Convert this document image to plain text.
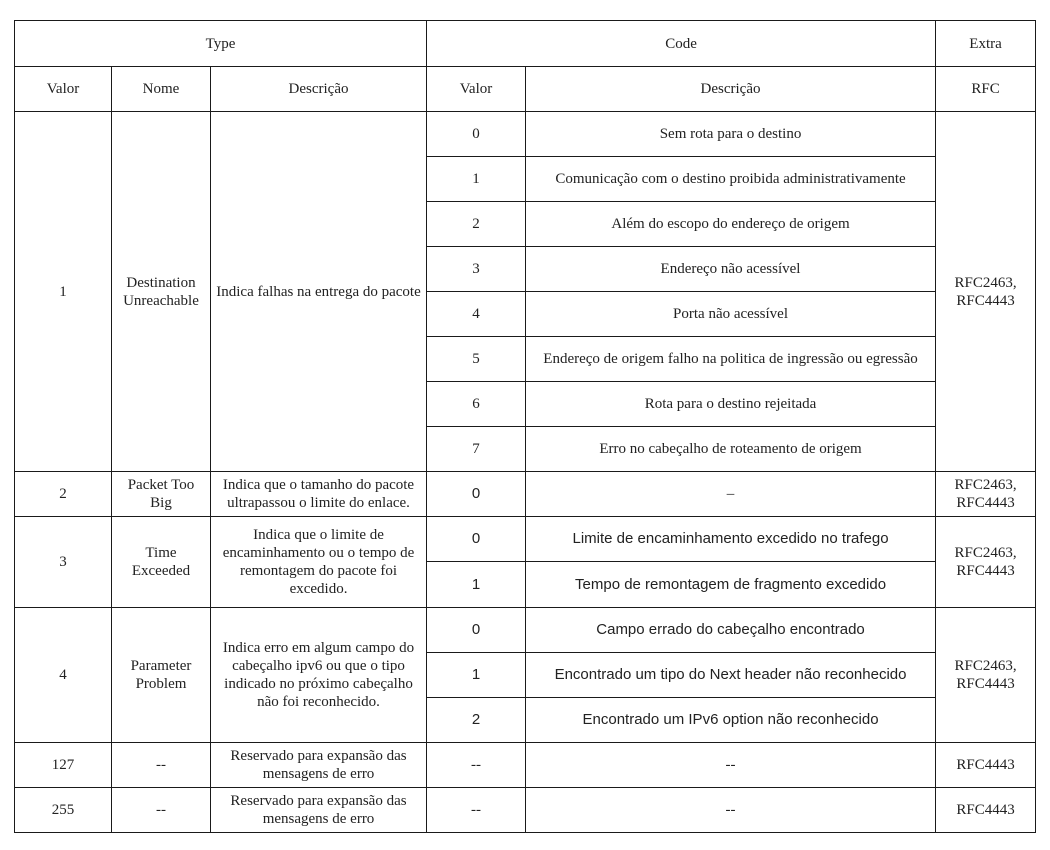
Type			Code		Extra
Valor	Nome	Descrição	Valor	Descrição	RFC
1	Destination Unreachable	Indica falhas na entrega do pacote	0	Sem rota para o destino	RFC2463, RFC4443
			1	Comunicação com o destino proibida administrativamente	
			2	Além do escopo do endereço de origem	
			3	Endereço não acessível	
			4	Porta não acessível	
			5	Endereço de origem falho na politica de ingressão ou egressão	
			6	Rota para o destino rejeitada	
			7	Erro no cabeçalho de roteamento de origem	
2	Packet Too Big	Indica que o tamanho do pacote ultrapassou o limite do enlace.	0	–	RFC2463, RFC4443
3	Time Exceeded	Indica que o limite de encaminhamento ou o tempo de remontagem do pacote foi excedido.	0	Limite de encaminhamento excedido no trafego	RFC2463, RFC4443
			1	Tempo de remontagem de fragmento excedido	
4	Parameter Problem	Indica erro em algum campo do cabeçalho ipv6 ou que o tipo indicado no próximo cabeçalho não foi reconhecido.	0	Campo errado do cabeçalho encontrado	RFC2463, RFC4443
			1	Encontrado um tipo do Next header não reconhecido	
			2	Encontrado um IPv6 option não reconhecido	
127	--	Reservado para expansão das mensagens de erro	--	--	RFC4443
255	--	Reservado para expansão das mensagens de erro	--	--	RFC4443
